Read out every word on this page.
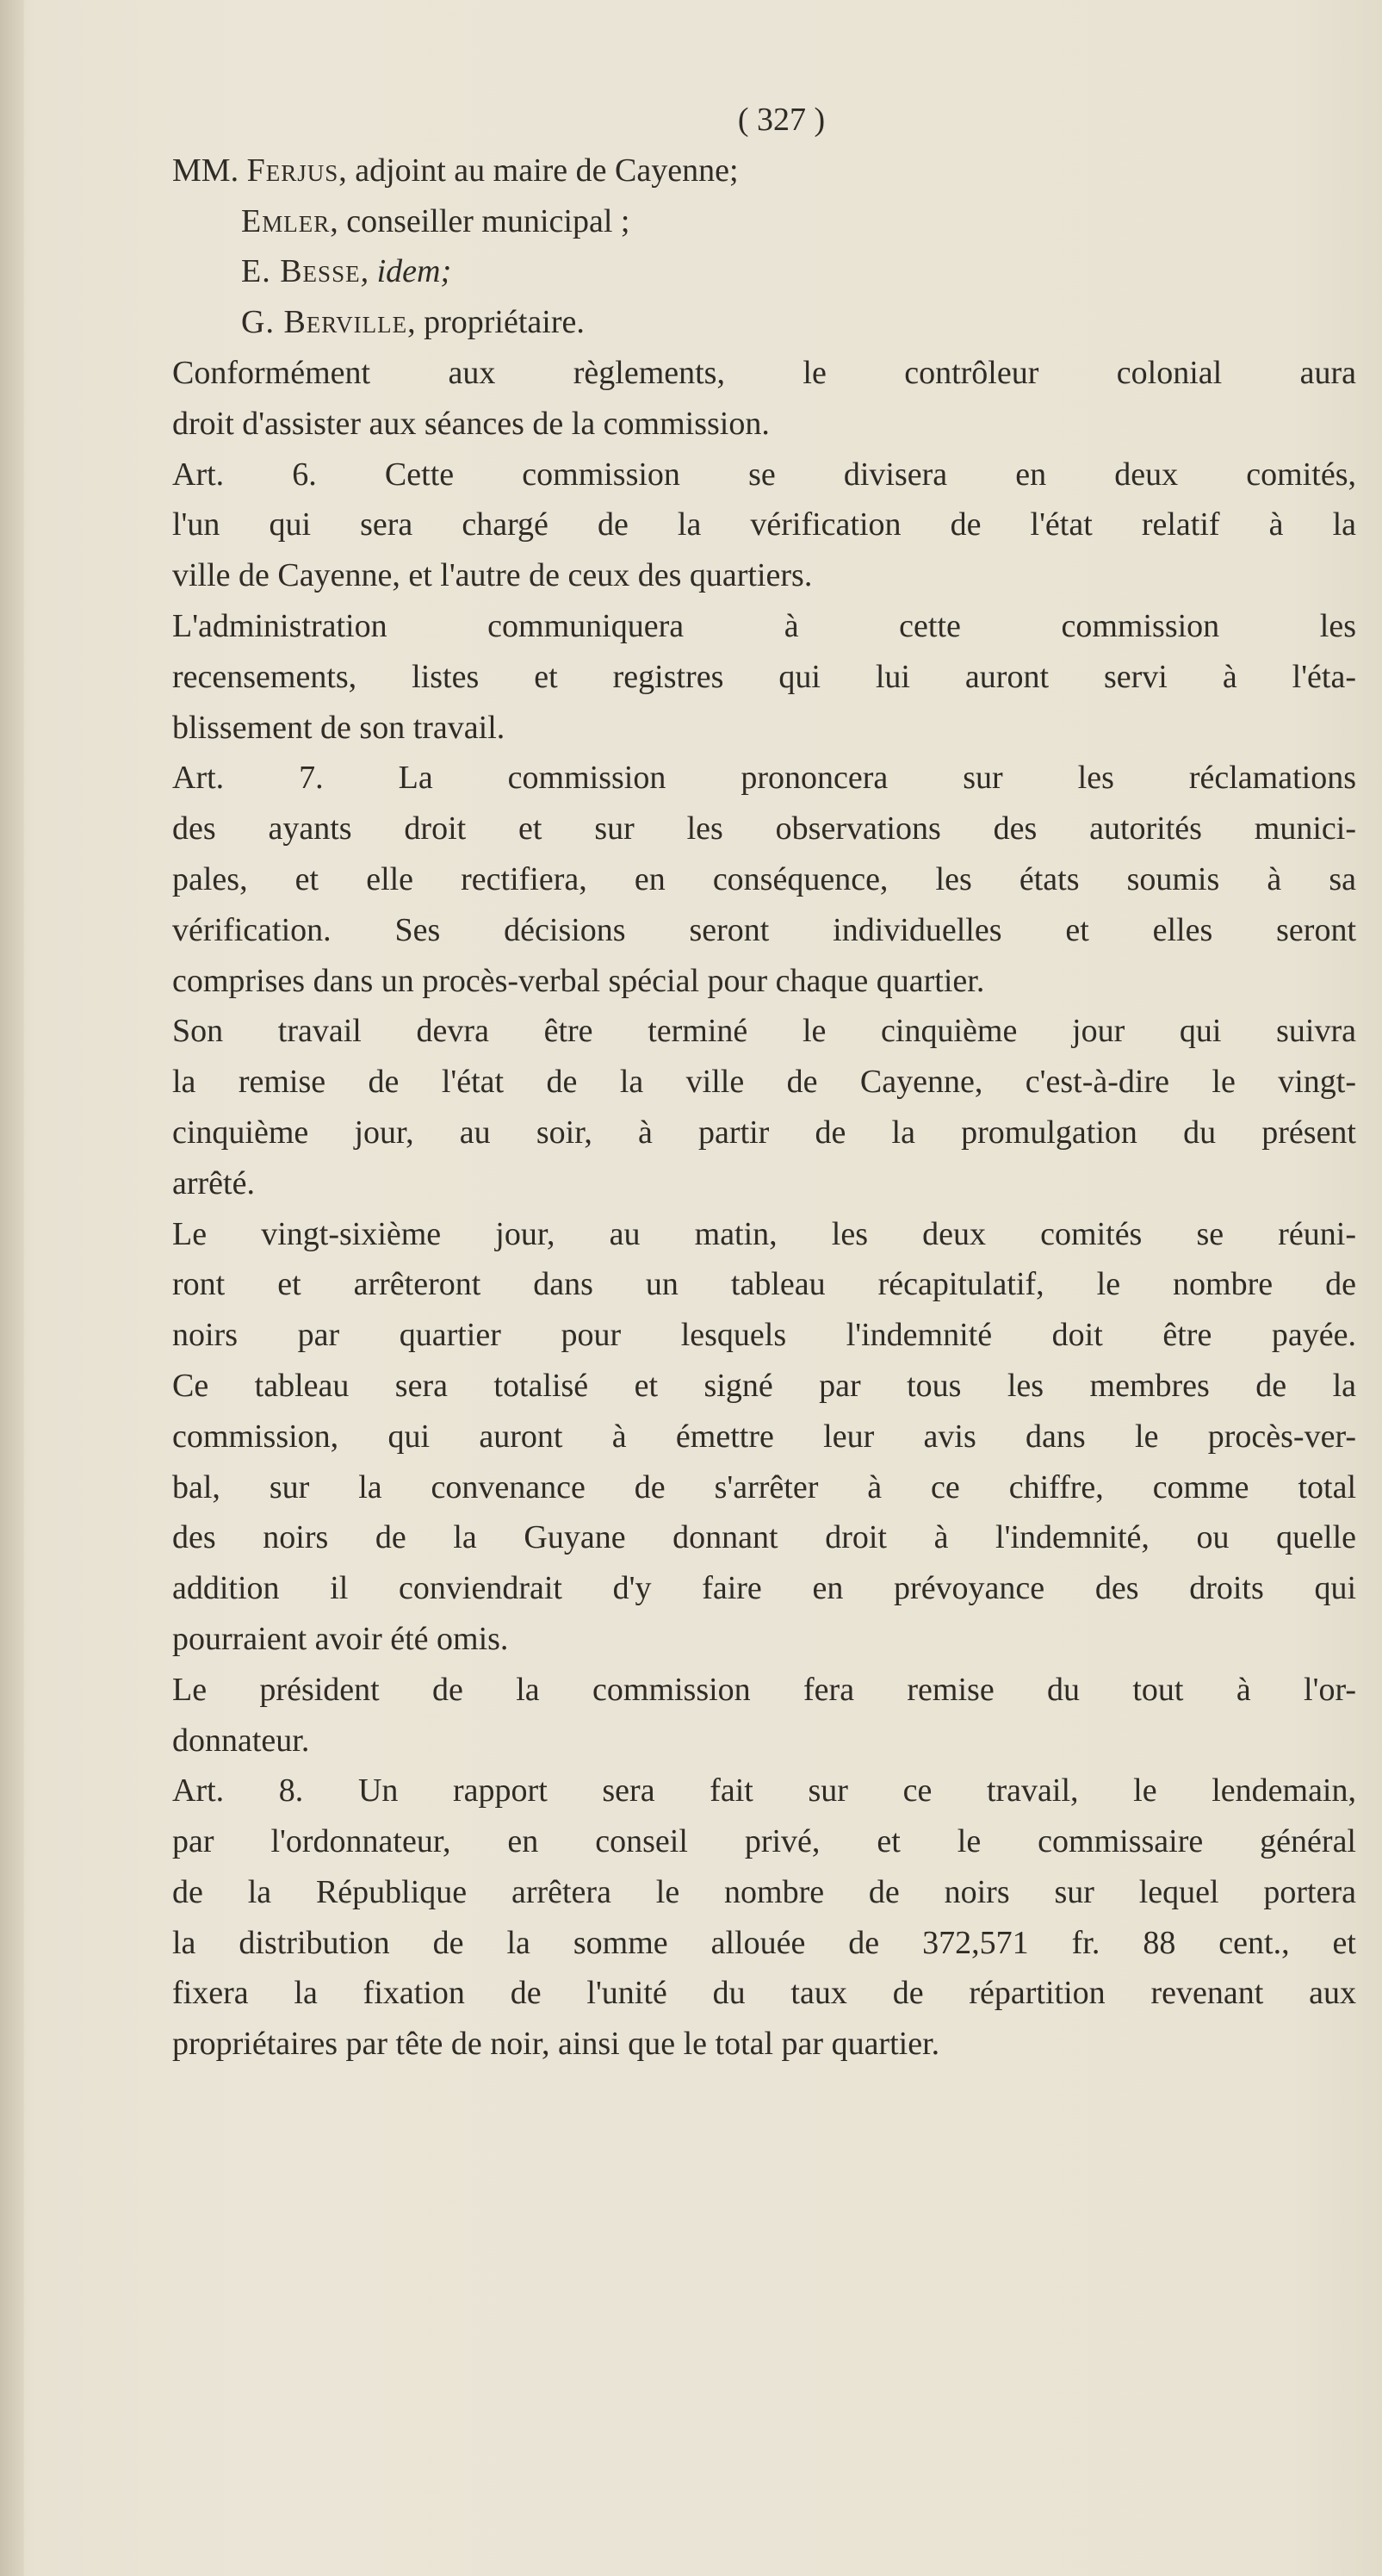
( 327 )
MM. Ferjus, adjoint au maire de Cayenne;
Emler, conseiller municipal ;
E. Besse, idem;
G. Berville, propriétaire.
Conformément aux règlements, le contrôleur colonial aura
droit d'assister aux séances de la commission.
Art. 6. Cette commission se divisera en deux comités,
l'un qui sera chargé de la vérification de l'état relatif à la
ville de Cayenne, et l'autre de ceux des quartiers.
L'administration communiquera à cette commission les
recensements, listes et registres qui lui auront servi à l'éta-
blissement de son travail.
Art. 7. La commission prononcera sur les réclamations
des ayants droit et sur les observations des autorités munici-
pales, et elle rectifiera, en conséquence, les états soumis à sa
vérification. Ses décisions seront individuelles et elles seront
comprises dans un procès-verbal spécial pour chaque quartier.
Son travail devra être terminé le cinquième jour qui suivra
la remise de l'état de la ville de Cayenne, c'est-à-dire le vingt-
cinquième jour, au soir, à partir de la promulgation du présent
arrêté.
Le vingt-sixième jour, au matin, les deux comités se réuni-
ront et arrêteront dans un tableau récapitulatif, le nombre de
noirs par quartier pour lesquels l'indemnité doit être payée.
Ce tableau sera totalisé et signé par tous les membres de la
commission, qui auront à émettre leur avis dans le procès-ver-
bal, sur la convenance de s'arrêter à ce chiffre, comme total
des noirs de la Guyane donnant droit à l'indemnité, ou quelle
addition il conviendrait d'y faire en prévoyance des droits qui
pourraient avoir été omis.
Le président de la commission fera remise du tout à l'or-
donnateur.
Art. 8. Un rapport sera fait sur ce travail, le lendemain,
par l'ordonnateur, en conseil privé, et le commissaire général
de la République arrêtera le nombre de noirs sur lequel portera
la distribution de la somme allouée de 372,571 fr. 88 cent., et
fixera la fixation de l'unité du taux de répartition revenant aux
propriétaires par tête de noir, ainsi que le total par quartier.
